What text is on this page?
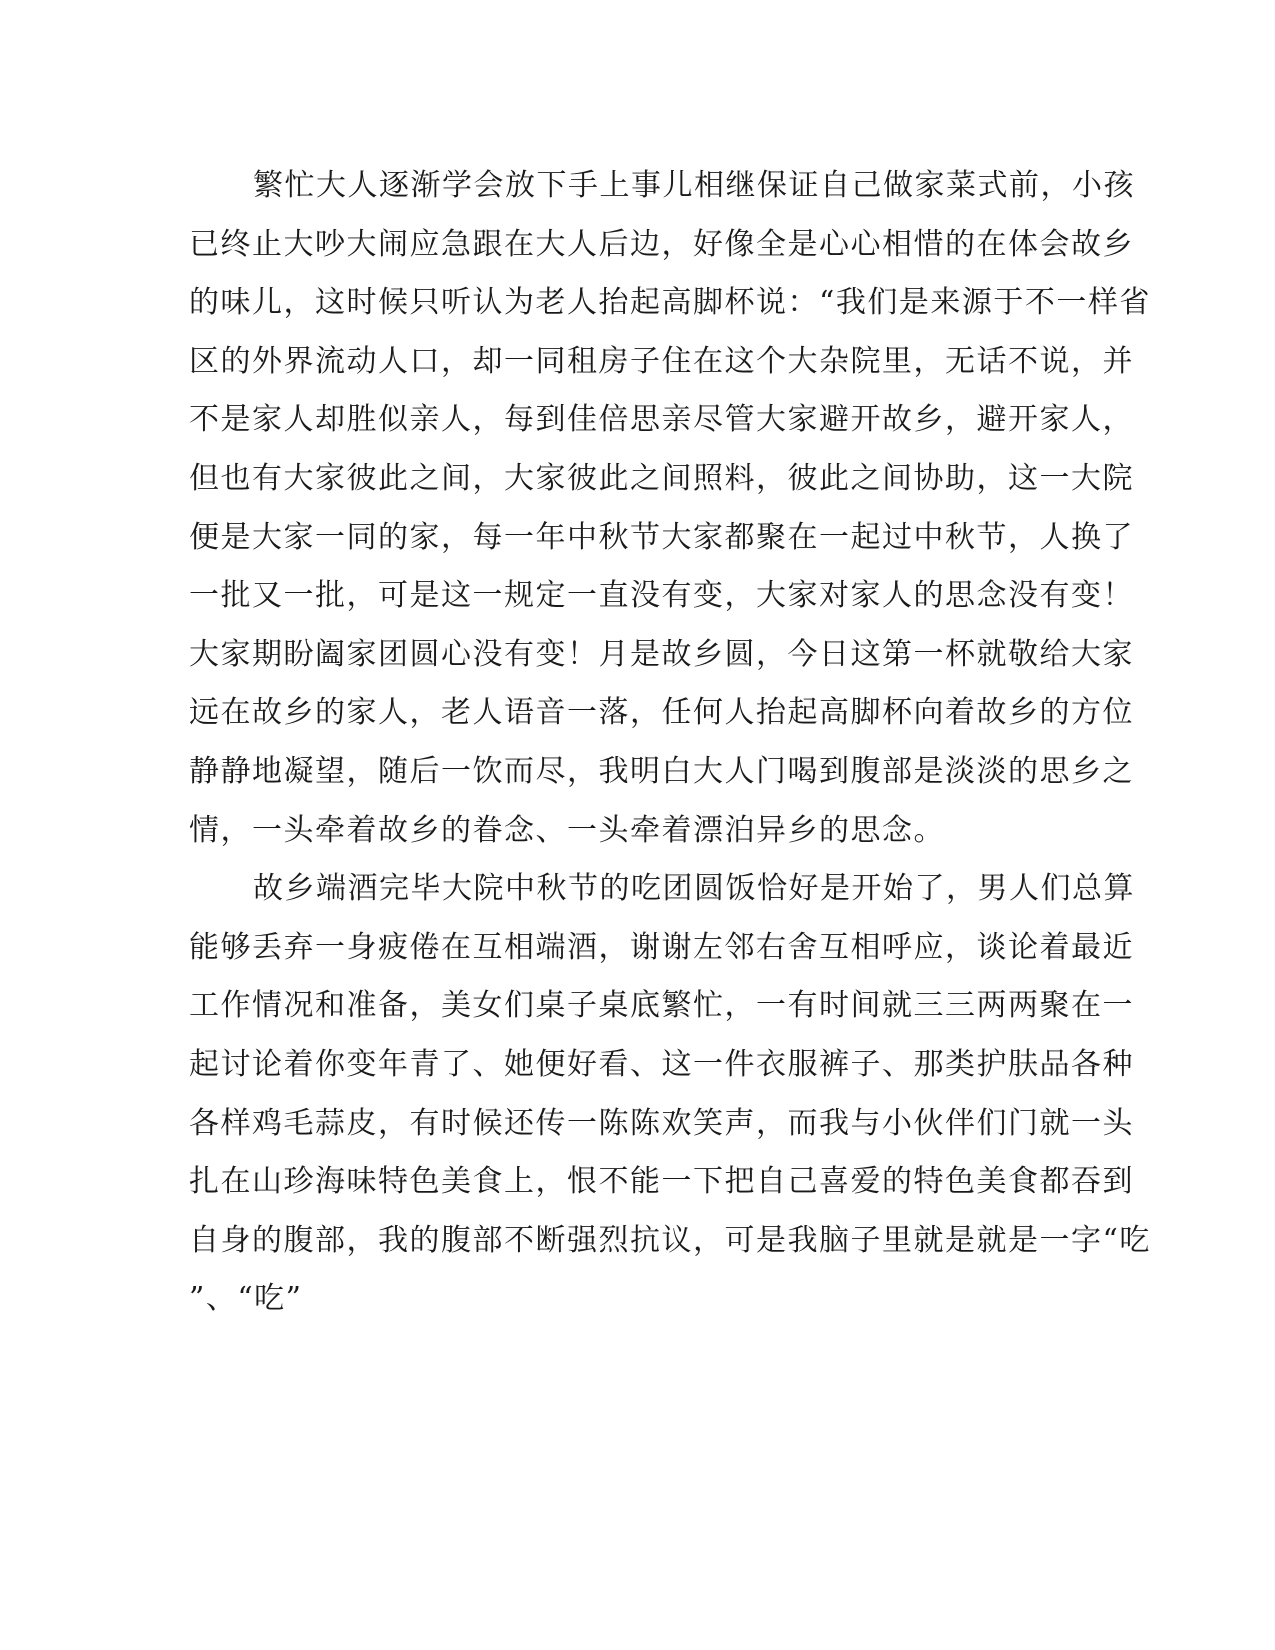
繁忙大人逐渐学会放下手上事儿相继保证自己做家菜式前，小孩
已终止大吵大闹应急跟在大人后边，好像全是心心相惜的在体会故乡
的味儿，这时候只听认为老人抬起高脚杯说：“我们是来源于不一样省
区的外界流动人口，却一同租房子住在这个大杂院里，无话不说，并
不是家人却胜似亲人，每到佳倍思亲尽管大家避开故乡，避开家人，
但也有大家彼此之间，大家彼此之间照料，彼此之间协助，这一大院
便是大家一同的家，每一年中秋节大家都聚在一起过中秋节，人换了
一批又一批，可是这一规定一直没有变，大家对家人的思念没有变！
大家期盼阖家团圆心没有变！月是故乡圆，今日这第一杯就敬给大家
远在故乡的家人，老人语音一落，任何人抬起高脚杯向着故乡的方位
静静地凝望，随后一饮而尽，我明白大人门喝到腹部是淡淡的思乡之
情，一头牵着故乡的眷念、一头牵着漂泊异乡的思念。
故乡端酒完毕大院中秋节的吃团圆饭恰好是开始了，男人们总算
能够丢弃一身疲倦在互相端酒，谢谢左邻右舍互相呼应，谈论着最近
工作情况和准备，美女们桌子桌底繁忙，一有时间就三三两两聚在一
起讨论着你变年青了、她便好看、这一件衣服裤子、那类护肤品各种
各样鸡毛蒜皮，有时候还传一陈陈欢笑声，而我与小伙伴们门就一头
扎在山珍海味特色美食上，恨不能一下把自己喜爱的特色美食都吞到
自身的腹部，我的腹部不断强烈抗议，可是我脑子里就是就是一字“吃
”、“吃”
